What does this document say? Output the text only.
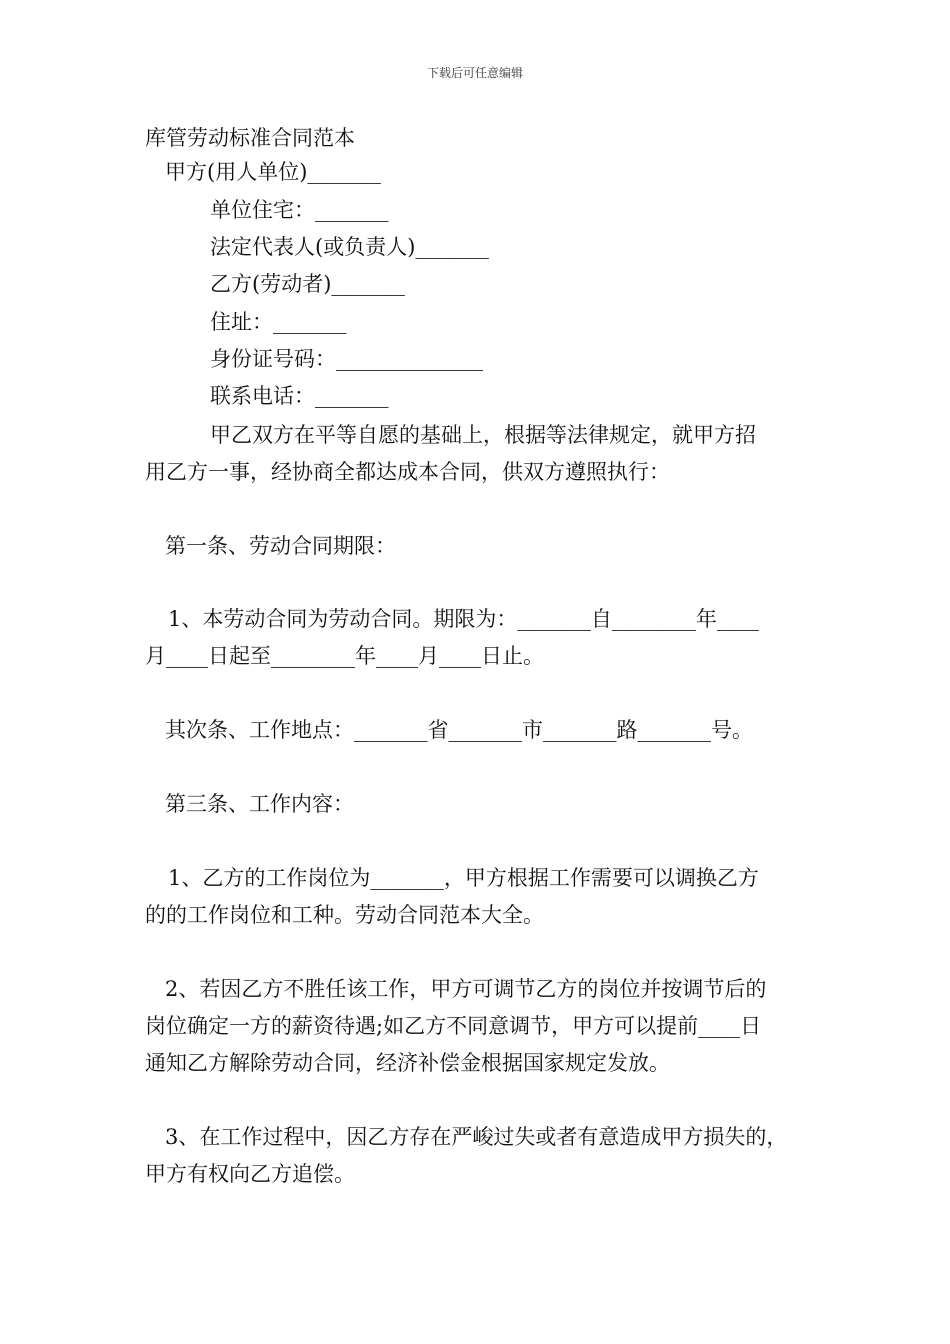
下载后可任意编辑
库管劳动标准合同范本
甲方(用人单位)_______
单位住宅：_______
法定代表人(或负责人)_______
乙方(劳动者)_______
住址：_______
身份证号码：______________
联系电话：_______
甲乙双方在平等自愿的基础上，根据等法律规定，就甲方招
用乙方一事，经协商全都达成本合同，供双方遵照执行：
第一条、劳动合同期限：
1、本劳动合同为劳动合同。期限为：_______自________年____
月____日起至________年____月____日止。
其次条、工作地点：_______省_______市_______路_______号。
第三条、工作内容：
1、乙方的工作岗位为_______，甲方根据工作需要可以调换乙方
的的工作岗位和工种。劳动合同范本大全。
2、若因乙方不胜任该工作，甲方可调节乙方的岗位并按调节后的
岗位确定一方的薪资待遇;如乙方不同意调节，甲方可以提前____日
通知乙方解除劳动合同，经济补偿金根据国家规定发放。
3、在工作过程中，因乙方存在严峻过失或者有意造成甲方损失的，
甲方有权向乙方追偿。
